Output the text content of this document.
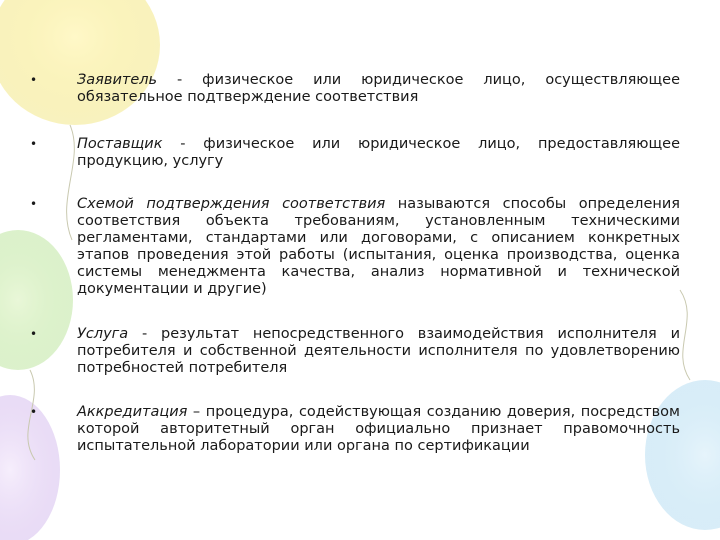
•	Заявитель - физическое или юридическое лицо, осуществляющее обязательное подтверждение соответствия
•	Поставщик - физическое или юридическое лицо, предоставляющее продукцию, услугу
•	Схемой подтверждения соответствия называются способы определения соответствия объекта требованиям, установленным техническими регламентами, стандартами или договорами, с описанием конкретных этапов проведения этой работы (испытания, оценка производства, оценка системы менеджмента качества, анализ нормативной и технической документации и другие)
•	Услуга - результат непосредственного взаимодействия исполнителя и потребителя и собственной деятельности исполнителя по удовлетворению потребностей потребителя
•	Аккредитация – процедура, содействующая созданию доверия, посредством которой авторитетный орган официально признает правомочность испытательной лаборатории или органа по сертификации
